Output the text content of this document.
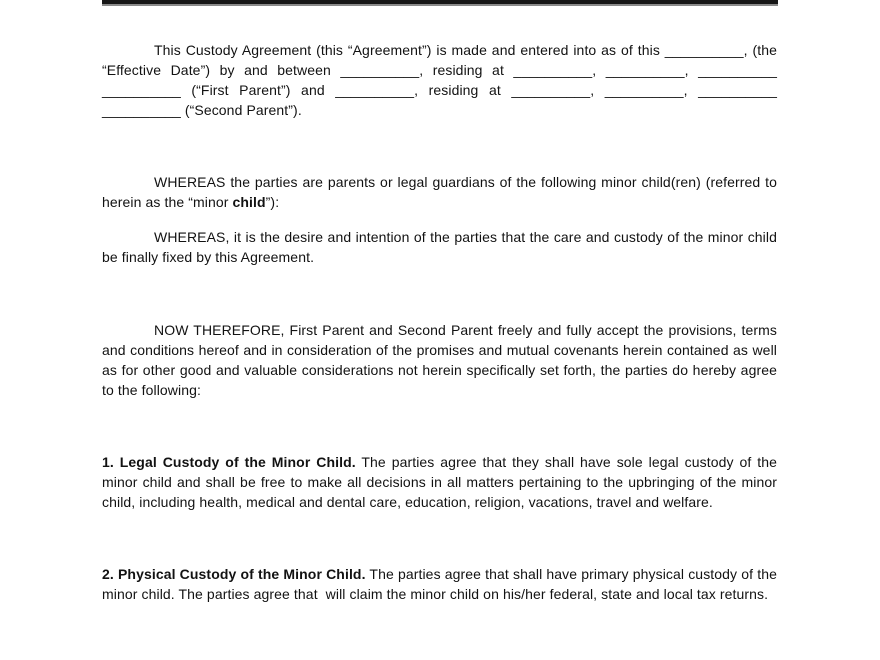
This Custody Agreement (this “Agreement”) is made and entered into as of this __________, (the “Effective Date”) by and between __________, residing at __________, __________, __________ __________ (“First Parent”) and __________, residing at __________, __________, __________ __________ (“Second Parent”).

WHEREAS the parties are parents or legal guardians of the following minor child(ren) (referred to herein as the “minor child”):

WHEREAS, it is the desire and intention of the parties that the care and custody of the minor child be finally fixed by this Agreement.

NOW THEREFORE, First Parent and Second Parent freely and fully accept the provisions, terms and conditions hereof and in consideration of the promises and mutual covenants herein contained as well as for other good and valuable considerations not herein specifically set forth, the parties do hereby agree to the following:

1. Legal Custody of the Minor Child. The parties agree that they shall have sole legal custody of the minor child and shall be free to make all decisions in all matters pertaining to the upbringing of the minor child, including health, medical and dental care, education, religion, vacations, travel and welfare.

2. Physical Custody of the Minor Child. The parties agree that shall have primary physical custody of the minor child. The parties agree that  will claim the minor child on his/her federal, state and local tax returns.
